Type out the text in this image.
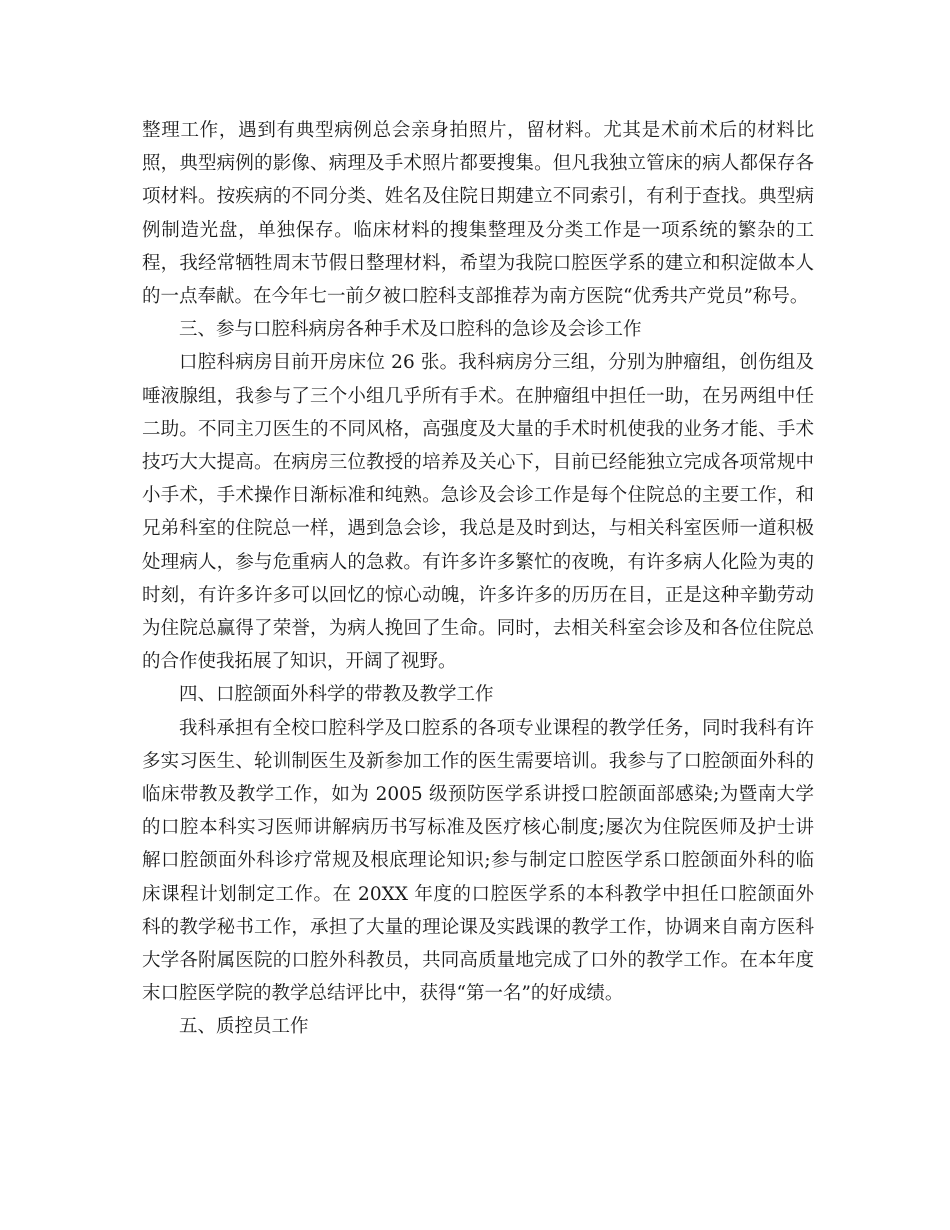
整理工作，遇到有典型病例总会亲身拍照片，留材料。尤其是术前术后的材料比照，典型病例的影像、病理及手术照片都要搜集。但凡我独立管床的病人都保存各项材料。按疾病的不同分类、姓名及住院日期建立不同索引，有利于查找。典型病例制造光盘，单独保存。临床材料的搜集整理及分类工作是一项系统的繁杂的工程，我经常牺牲周末节假日整理材料，希望为我院口腔医学系的建立和积淀做本人的一点奉献。在今年七一前夕被口腔科支部推荐为南方医院“优秀共产党员”称号。

三、参与口腔科病房各种手术及口腔科的急诊及会诊工作

口腔科病房目前开房床位 26 张。我科病房分三组，分别为肿瘤组，创伤组及唾液腺组，我参与了三个小组几乎所有手术。在肿瘤组中担任一助，在另两组中任二助。不同主刀医生的不同风格，高强度及大量的手术时机使我的业务才能、手术技巧大大提高。在病房三位教授的培养及关心下，目前已经能独立完成各项常规中小手术，手术操作日渐标准和纯熟。急诊及会诊工作是每个住院总的主要工作，和兄弟科室的住院总一样，遇到急会诊，我总是及时到达，与相关科室医师一道积极处理病人，参与危重病人的急救。有许多许多繁忙的夜晚，有许多病人化险为夷的时刻，有许多许多可以回忆的惊心动魄，许多许多的历历在目，正是这种辛勤劳动为住院总赢得了荣誉，为病人挽回了生命。同时，去相关科室会诊及和各位住院总的合作使我拓展了知识，开阔了视野。

四、口腔颌面外科学的带教及教学工作

我科承担有全校口腔科学及口腔系的各项专业课程的教学任务，同时我科有许多实习医生、轮训制医生及新参加工作的医生需要培训。我参与了口腔颌面外科的临床带教及教学工作，如为 2005 级预防医学系讲授口腔颌面部感染;为暨南大学的口腔本科实习医师讲解病历书写标准及医疗核心制度;屡次为住院医师及护士讲解口腔颌面外科诊疗常规及根底理论知识;参与制定口腔医学系口腔颌面外科的临床课程计划制定工作。在 20XX 年度的口腔医学系的本科教学中担任口腔颌面外科的教学秘书工作，承担了大量的理论课及实践课的教学工作，协调来自南方医科大学各附属医院的口腔外科教员，共同高质量地完成了口外的教学工作。在本年度末口腔医学院的教学总结评比中，获得“第一名”的好成绩。

五、质控员工作
